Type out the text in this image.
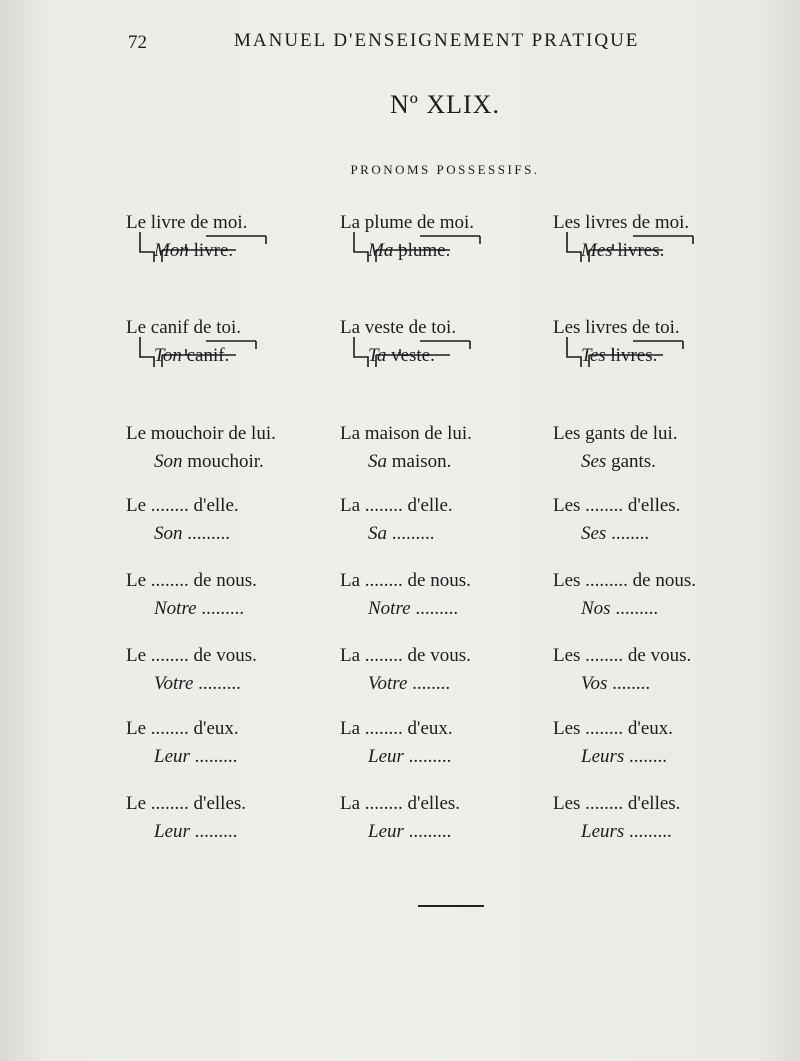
72	MANUEL D'ENSEIGNEMENT PRATIQUE
Nº XLIX.
PRONOMS POSSESSIFS.

Le livre de moi.
Mon livre.
La plume de moi.
Ma plume.
Les livres de moi.
Mes livres.
Le canif de toi.
Ton canif.
La veste de toi.
Ta veste.
Les livres de toi.
Tes livres.
Le mouchoir de lui.
Son mouchoir.
La maison de lui.
Sa maison.
Les gants de lui.
Ses gants.
Le ........ d'elle.
Son .........
La ........ d'elle.
Sa .........
Les ........ d'elles.
Ses ........
Le ........ de nous.
Notre .........
La ........ de nous.
Notre .........
Les ......... de nous.
Nos .........
Le ........ de vous.
Votre .........
La ........ de vous.
Votre ........
Les ........ de vous.
Vos ........
Le ........ d'eux.
Leur .........
La ........ d'eux.
Leur .........
Les ........ d'eux.
Leurs ........
Le ........ d'elles.
Leur .........
La ........ d'elles.
Leur .........
Les ........ d'elles.
Leurs .........
